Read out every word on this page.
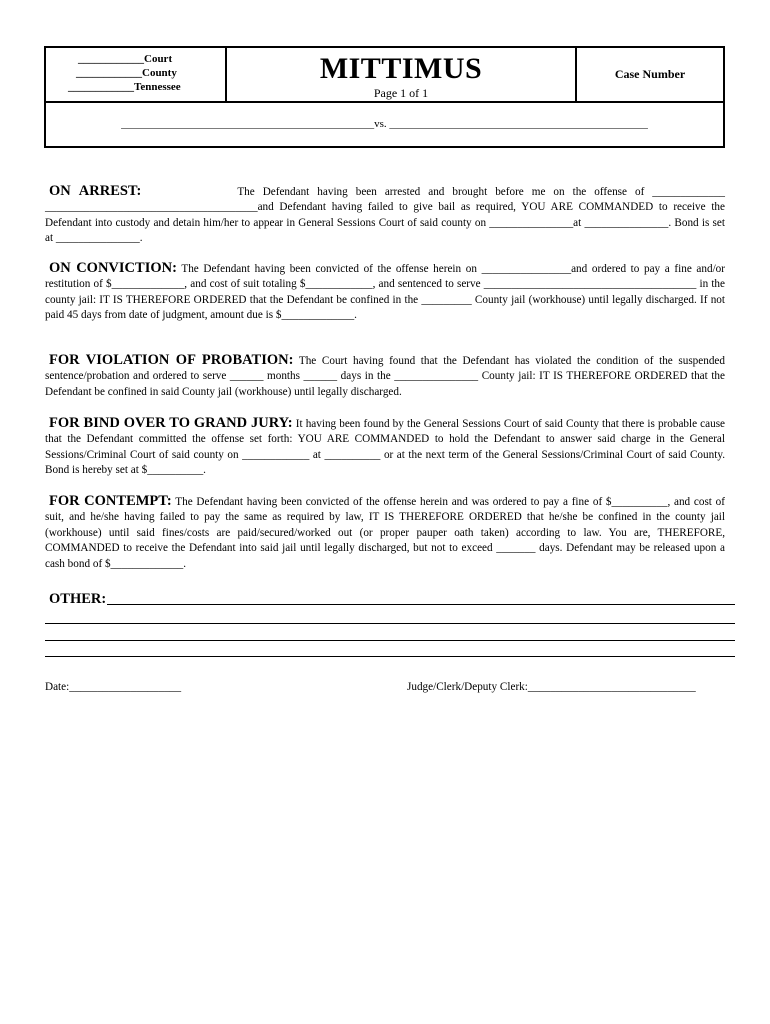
____________Court
____________County
____________Tennessee
MITTIMUS
Page 1 of 1
Case Number
______________________________________________vs. _______________________________________________

ON ARREST:	The Defendant having been arrested and brought before me on the offense of _____________ ______________________________________and Defendant having failed to give bail as required, YOU ARE COMMANDED to receive the Defendant into custody and detain him/her to appear in General Sessions Court of said county on _______________at _______________. Bond is set at _______________.

ON CONVICTION: The Defendant having been convicted of the offense herein on ________________and ordered to pay a fine and/or restitution of $_____________, and cost of suit totaling $____________, and sentenced to serve ______________________________________ in the county jail: IT IS THEREFORE ORDERED that the Defendant be confined in the _________ County jail (workhouse) until legally discharged. If not paid 45 days from date of judgment, amount due is $_____________.

FOR VIOLATION OF PROBATION: The Court having found that the Defendant has violated the condition of the suspended sentence/probation and ordered to serve ______ months ______ days in the _______________ County jail: IT IS THEREFORE ORDERED that the Defendant be confined in said County jail (workhouse) until legally discharged.

FOR BIND OVER TO GRAND JURY: It having been found by the General Sessions Court of said County that there is probable cause that the Defendant committed the offense set forth: YOU ARE COMMANDED to hold the Defendant to answer said charge in the General Sessions/Criminal Court of said county on ____________ at __________ or at the next term of the General Sessions/Criminal Court of said County. Bond is hereby set at $__________.

FOR CONTEMPT: The Defendant having been convicted of the offense herein and was ordered to pay a fine of $__________, and cost of suit, and he/she having failed to pay the same as required by law, IT IS THEREFORE ORDERED that he/she be confined in the county jail (workhouse) until said fines/costs are paid/secured/worked out (or proper pauper oath taken) according to law. You are, THEREFORE, COMMANDED to receive the Defendant into said jail until legally discharged, but not to exceed _______ days. Defendant may be released upon a cash bond of $_____________.

OTHER:
Date:____________________	Judge/Clerk/Deputy Clerk:______________________________
